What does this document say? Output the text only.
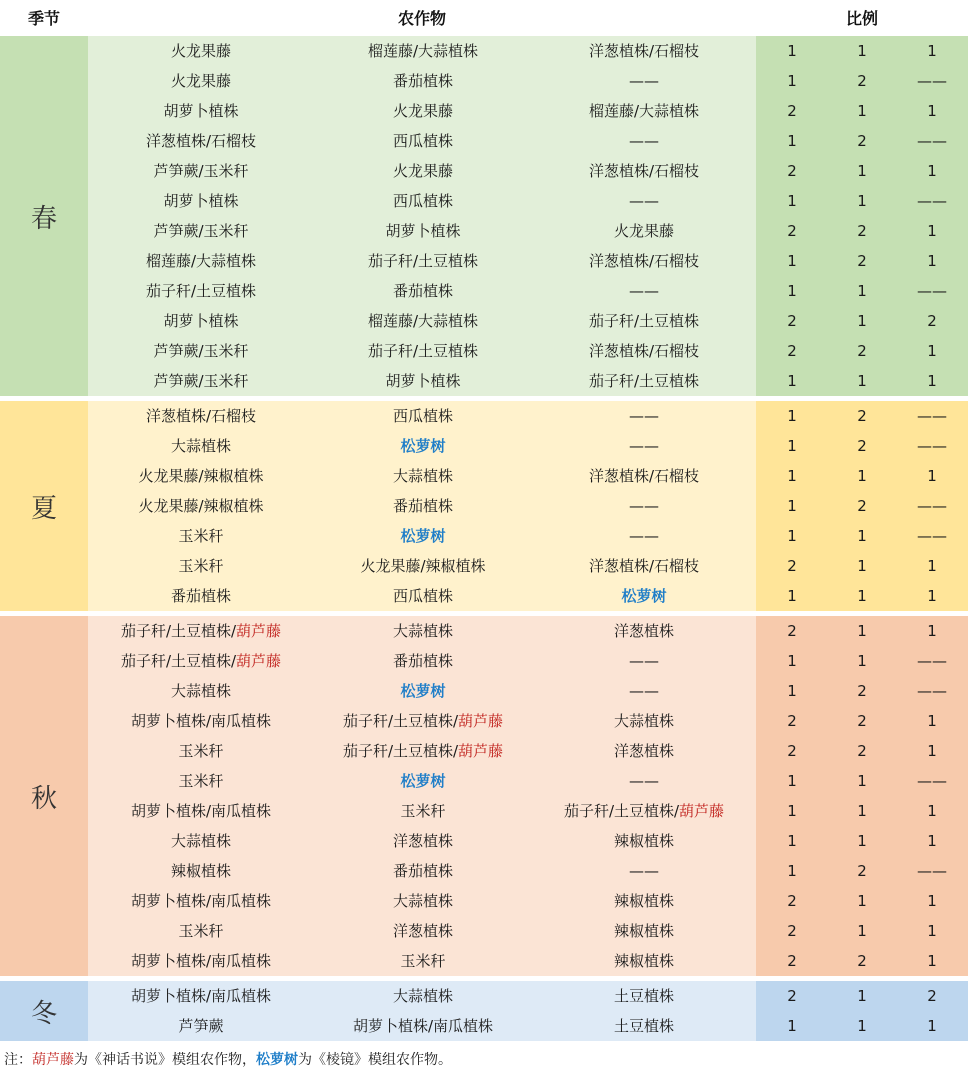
季节	农作物	比例
春
火龙果藤	榴莲藤/大蒜植株	洋葱植株/石榴枝	1	1	1
火龙果藤	番茄植株	——	1	2	——
胡萝卜植株	火龙果藤	榴莲藤/大蒜植株	2	1	1
洋葱植株/石榴枝	西瓜植株	——	1	2	——
芦笋蕨/玉米秆	火龙果藤	洋葱植株/石榴枝	2	1	1
胡萝卜植株	西瓜植株	——	1	1	——
芦笋蕨/玉米秆	胡萝卜植株	火龙果藤	2	2	1
榴莲藤/大蒜植株	茄子秆/土豆植株	洋葱植株/石榴枝	1	2	1
茄子秆/土豆植株	番茄植株	——	1	1	——
胡萝卜植株	榴莲藤/大蒜植株	茄子秆/土豆植株	2	1	2
芦笋蕨/玉米秆	茄子秆/土豆植株	洋葱植株/石榴枝	2	2	1
芦笋蕨/玉米秆	胡萝卜植株	茄子秆/土豆植株	1	1	1
夏
洋葱植株/石榴枝	西瓜植株	——	1	2	——
大蒜植株	松萝树	——	1	2	——
火龙果藤/辣椒植株	大蒜植株	洋葱植株/石榴枝	1	1	1
火龙果藤/辣椒植株	番茄植株	——	1	2	——
玉米秆	松萝树	——	1	1	——
玉米秆	火龙果藤/辣椒植株	洋葱植株/石榴枝	2	1	1
番茄植株	西瓜植株	松萝树	1	1	1
秋
茄子秆/土豆植株/葫芦藤	大蒜植株	洋葱植株	2	1	1
茄子秆/土豆植株/葫芦藤	番茄植株	——	1	1	——
大蒜植株	松萝树	——	1	2	——
胡萝卜植株/南瓜植株	茄子秆/土豆植株/葫芦藤	大蒜植株	2	2	1
玉米秆	茄子秆/土豆植株/葫芦藤	洋葱植株	2	2	1
玉米秆	松萝树	——	1	1	——
胡萝卜植株/南瓜植株	玉米秆	茄子秆/土豆植株/葫芦藤	1	1	1
大蒜植株	洋葱植株	辣椒植株	1	1	1
辣椒植株	番茄植株	——	1	2	——
胡萝卜植株/南瓜植株	大蒜植株	辣椒植株	2	1	1
玉米秆	洋葱植株	辣椒植株	2	1	1
胡萝卜植株/南瓜植株	玉米秆	辣椒植株	2	2	1
冬
胡萝卜植株/南瓜植株	大蒜植株	土豆植株	2	1	2
芦笋蕨	胡萝卜植株/南瓜植株	土豆植株	1	1	1
注：葫芦藤为《神话书说》模组农作物，松萝树为《棱镜》模组农作物。
